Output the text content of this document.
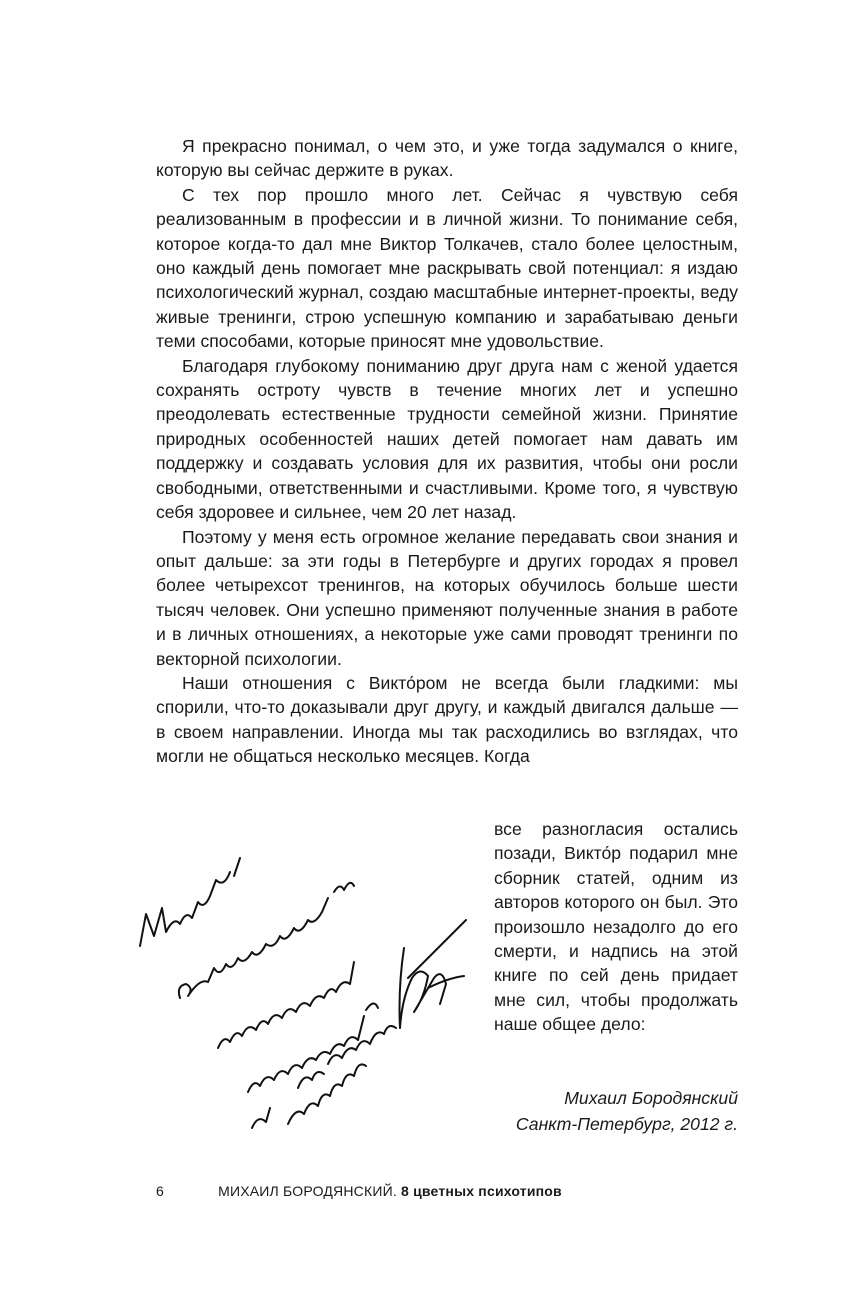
Я прекрасно понимал, о чем это, и уже тогда задумался о книге, которую вы сейчас держите в руках.

С тех пор прошло много лет. Сейчас я чувствую себя реализованным в профессии и в личной жизни. То понимание себя, которое когда-то дал мне Виктор Толкачев, стало более целостным, оно каждый день помогает мне раскрывать свой потенциал: я издаю психологический журнал, создаю масштабные интернет-проекты, веду живые тренинги, строю успешную компанию и зарабатываю деньги теми способами, которые приносят мне удовольствие.

Благодаря глубокому пониманию друг друга нам с женой удается сохранять остроту чувств в течение многих лет и успешно преодолевать естественные трудности семейной жизни. Принятие природных особенностей наших детей помогает нам давать им поддержку и создавать условия для их развития, чтобы они росли свободными, ответственными и счастливыми. Кроме того, я чувствую себя здоровее и сильнее, чем 20 лет назад.

Поэтому у меня есть огромное желание передавать свои знания и опыт дальше: за эти годы в Петербурге и других городах я провел более четырехсот тренингов, на которых обучилось больше шести тысяч человек. Они успешно применяют полученные знания в работе и в личных отношениях, а некоторые уже сами проводят тренинги по векторной психологии.

Наши отношения с Викто́ром не всегда были гладкими: мы спорили, что-то доказывали друг другу, и каждый двигался дальше — в своем направлении. Иногда мы так расходились во взглядах, что могли не общаться несколько месяцев. Когда

все разногласия остались позади, Викто́р подарил мне сборник статей, одним из авторов которого он был. Это произошло незадолго до его смерти, и надпись на этой книге по сей день придает мне сил, чтобы продолжать наше общее дело:
Михаил Бородянский
Санкт-Петербург, 2012 г.
6	МИХАИЛ БОРОДЯНСКИЙ. 8 цветных психотипов
